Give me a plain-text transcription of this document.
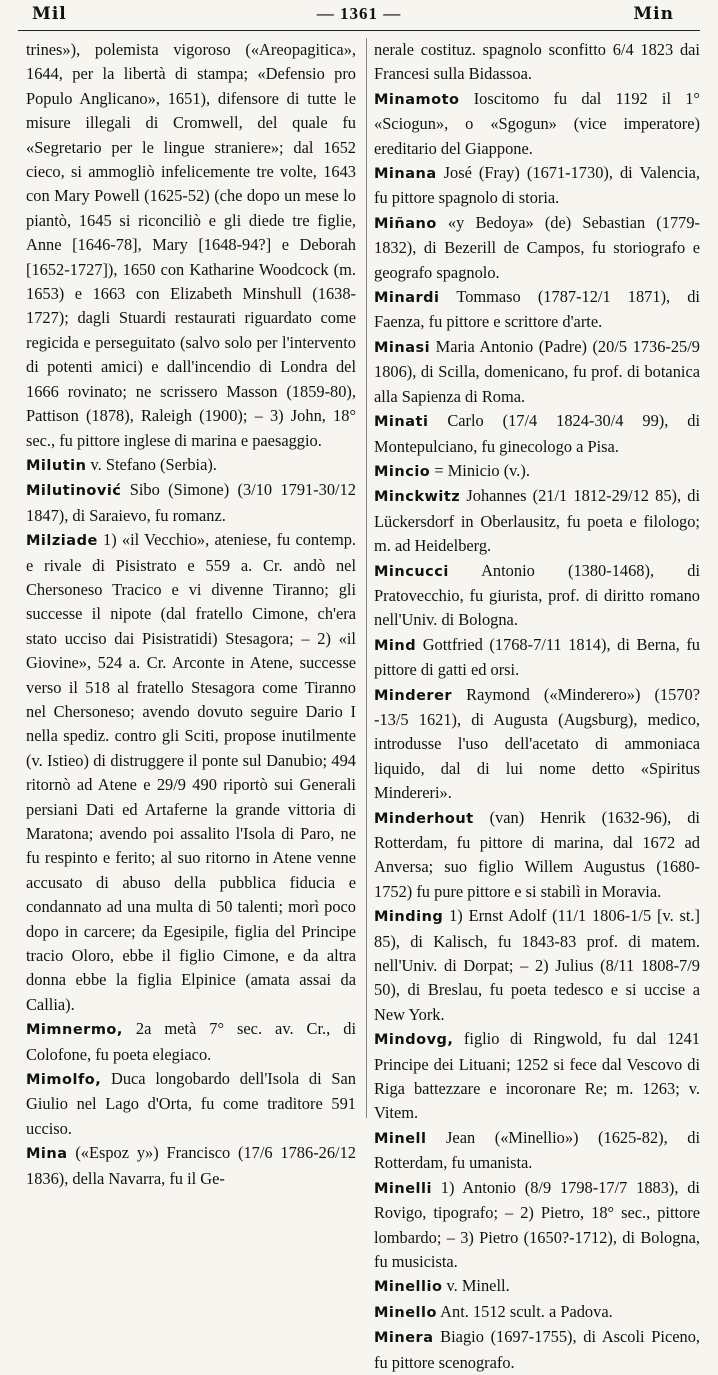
Mil	— 1361 —	Min

trines»), polemista vigoroso («Areopagitica», 1644, per la libertà di stampa; «Defensio pro Populo Anglicano», 1651), difensore di tutte le misure illegali di Cromwell, del quale fu «Segretario per le lingue straniere»; dal 1652 cieco, si ammogliò infelicemente tre volte, 1643 con Mary Powell (1625-52) (che dopo un mese lo piantò, 1645 si riconciliò e gli diede tre figlie, Anne [1646-78], Mary [1648-94?] e Deborah [1652-1727]), 1650 con Katharine Woodcock (m. 1653) e 1663 con Elizabeth Minshull (1638-1727); dagli Stuardi restaurati riguardato come regicida e perseguitato (salvo solo per l'intervento di potenti amici) e dall'incendio di Londra del 1666 rovinato; ne scrissero Masson (1859-80), Pattison (1878), Raleigh (1900); – 3) John, 18° sec., fu pittore inglese di marina e paesaggio.

Milutin v. Stefano (Serbia).

Milutinović Sibo (Simone) (3/10 1791-30/12 1847), di Saraievo, fu romanz.

Milziade 1) «il Vecchio», ateniese, fu contemp. e rivale di Pisistrato e 559 a. Cr. andò nel Chersoneso Tracico e vi divenne Tiranno; gli successe il nipote (dal fratello Cimone, ch'era stato ucciso dai Pisistratidi) Stesagora; – 2) «il Giovine», 524 a. Cr. Arconte in Atene, successe verso il 518 al fratello Stesagora come Tiranno nel Chersoneso; avendo dovuto seguire Dario I nella spediz. contro gli Sciti, propose inutilmente (v. Istieo) di distruggere il ponte sul Danubio; 494 ritornò ad Atene e 29/9 490 riportò sui Generali persiani Dati ed Artaferne la grande vittoria di Maratona; avendo poi assalito l'Isola di Paro, ne fu respinto e ferito; al suo ritorno in Atene venne accusato di abuso della pubblica fiducia e condannato ad una multa di 50 talenti; morì poco dopo in carcere; da Egesipile, figlia del Principe tracio Oloro, ebbe il figlio Cimone, e da altra donna ebbe la figlia Elpinice (amata assai da Callia).

Mimnermo, 2a metà 7° sec. av. Cr., di Colofone, fu poeta elegiaco.

Mimolfo, Duca longobardo dell'Isola di San Giulio nel Lago d'Orta, fu come traditore 591 ucciso.

Mina («Espoz y») Francisco (17/6 1786-26/12 1836), della Navarra, fu il Ge-

nerale costituz. spagnolo sconfitto 6/4 1823 dai Francesi sulla Bidassoa.

Minamoto Ioscitomo fu dal 1192 il 1° «Sciogun», o «Sgogun» (vice imperatore) ereditario del Giappone.

Minana José (Fray) (1671-1730), di Valencia, fu pittore spagnolo di storia.

Miñano «y Bedoya» (de) Sebastian (1779-1832), di Bezerill de Campos, fu storiografo e geografo spagnolo.

Minardi Tommaso (1787-12/1 1871), di Faenza, fu pittore e scrittore d'arte.

Minasi Maria Antonio (Padre) (20/5 1736-25/9 1806), di Scilla, domenicano, fu prof. di botanica alla Sapienza di Roma.

Minati Carlo (17/4 1824-30/4 99), di Montepulciano, fu ginecologo a Pisa.

Mincio = Minicio (v.).

Minckwitz Johannes (21/1 1812-29/12 85), di Lückersdorf in Oberlausitz, fu poeta e filologo; m. ad Heidelberg.

Mincucci Antonio (1380-1468), di Pratovecchio, fu giurista, prof. di diritto romano nell'Univ. di Bologna.

Mind Gottfried (1768-7/11 1814), di Berna, fu pittore di gatti ed orsi.

Minderer Raymond («Minderero») (1570?-13/5 1621), di Augusta (Augsburg), medico, introdusse l'uso dell'acetato di ammoniaca liquido, dal di lui nome detto «Spiritus Mindereri».

Minderhout (van) Henrik (1632-96), di Rotterdam, fu pittore di marina, dal 1672 ad Anversa; suo figlio Willem Augustus (1680-1752) fu pure pittore e si stabilì in Moravia.

Minding 1) Ernst Adolf (11/1 1806-1/5 [v. st.] 85), di Kalisch, fu 1843-83 prof. di matem. nell'Univ. di Dorpat; – 2) Julius (8/11 1808-7/9 50), di Breslau, fu poeta tedesco e si uccise a New York.

Mindovg, figlio di Ringwold, fu dal 1241 Principe dei Lituani; 1252 si fece dal Vescovo di Riga battezzare e incoronare Re; m. 1263; v. Vitem.

Minell Jean («Minellio») (1625-82), di Rotterdam, fu umanista.

Minelli 1) Antonio (8/9 1798-17/7 1883), di Rovigo, tipografo; – 2) Pietro, 18° sec., pittore lombardo; – 3) Pietro (1650?-1712), di Bologna, fu musicista.

Minellio v. Minell.

Minello Ant. 1512 scult. a Padova.

Minera Biagio (1697-1755), di Ascoli Piceno, fu pittore scenografo.
